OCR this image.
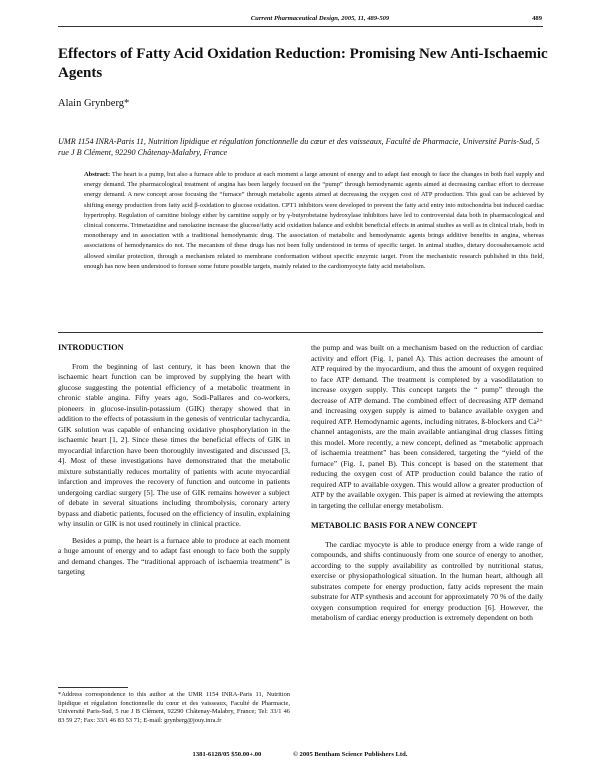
Current Pharmaceutical Design, 2005, 11, 489-509	489
Effectors of Fatty Acid Oxidation Reduction: Promising New Anti-Ischaemic Agents
Alain Grynberg*
UMR 1154 INRA-Paris 11, Nutrition lipidique et régulation fonctionnelle du cœur et des vaisseaux, Faculté de Pharmacie, Université Paris-Sud, 5 rue J B Clément, 92290 Châtenay-Malabry, France
Abstract: The heart is a pump, but also a furnace able to produce at each moment a large amount of energy and to adapt fast enough to face the changes in both fuel supply and energy demand. The pharmacological treatment of angina has been largely focused on the “pump” through hemodynamic agents aimed at decreasing cardiac effort to decrease energy demand. A new concept arose focusing the “furnace” through metabolic agents aimed at decreasing the oxygen cost of ATP production. This goal can be achieved by shifting energy production from fatty acid β-oxidation to glucose oxidation. CPT1 inhibitors were developed to prevent the fatty acid entry into mitochondria but induced cardiac hypertrophy. Regulation of carnitine biology either by carnitine supply or by γ-butyrobetaine hydroxylase inhibitors have led to controversial data both in pharmacological and clinical concerns. Trimetazidine and ranolazine increase the glucose/fatty acid oxidation balance and exhibit beneficial effects in animal studies as well as in clinical trials, both in monotherapy and in association with a traditional hemodynamic drug. The association of metabolic and hemodynamic agents brings additive benefits in angina, whereas associations of hemodynamics do not. The mecanism of these drugs has not been fully understood in terms of specific target. In animal studies, dietary docosahexaenoic acid allowed similar protection, through a mechanism related to membrane conformation without specific enzymic target. From the mechanistic research published in this field, enough has now been understood to foresee some future possible targets, mainly related to the cardiomyocyte fatty acid metabolism.
INTRODUCTION

From the beginning of last century, it has been known that the ischaemic heart function can be improved by supplying the heart with glucose suggesting the potential efficiency of a metabolic treatment in chronic stable angina. Fifty years ago, Sodi-Pallares and co-workers, pioneers in glucose-insulin-potassium (GIK) therapy showed that in addition to the effects of potassium in the genesis of ventricular tachycardia, GIK solution was capable of enhancing oxidative phosphorylation in the ischaemic heart [1, 2]. Since these times the beneficial effects of GIK in myocardial infarction have been thoroughly investigated and discussed [3, 4]. Most of these investigations have demonstrated that the metabolic mixture substantially reduces mortality of patients with acute myocardial infarction and improves the recovery of function and outcome in patients undergoing cardiac surgery [5]. The use of GIK remains however a subject of debate in several situations including thrombolysis, coronary artery bypass and diabetic patients, focused on the efficiency of insulin, explaining why insulin or GIK is not used routinely in clinical practice.

Besides a pump, the heart is a furnace able to produce at each moment a huge amount of energy and to adapt fast enough to face both the supply and demand changes. The “traditional approach of ischaemia treatment” is targeting

the pump and was built on a mechanism based on the reduction of cardiac activity and effort (Fig. 1, panel A). This action decreases the amount of ATP required by the myocardium, and thus the amount of oxygen required to face ATP demand. The treatment is completed by a vasodilatation to increase oxygen supply. This concept targets the “ pump” through the decrease of ATP demand. The combined effect of decreasing ATP demand and increasing oxygen supply is aimed to balance available oxygen and required ATP. Hemodynamic agents, including nitrates, ß-blockers and Ca²⁺ channel antagonists, are the main available antianginal drug classes fitting this model. More recently, a new concept, defined as “metabolic approach of ischaemia treatment” has been considered, targeting the “yield of the furnace” (Fig. 1, panel B). This concept is based on the statement that reducing the oxygen cost of ATP production could balance the ratio of required ATP to available oxygen. This would allow a greater production of ATP by the available oxygen. This paper is aimed at reviewing the attempts in targeting the cellular energy metabolism.

METABOLIC BASIS FOR A NEW CONCEPT

The cardiac myocyte is able to produce energy from a wide range of compounds, and shifts continuously from one source of energy to another, according to the supply availability as controlled by nutritional status, exercise or physiopathological situation. In the human heart, although all substrates compete for energy production, fatty acids represent the main substrate for ATP synthesis and account for approximately 70 % of the daily oxygen consumption required for energy production [6]. However, the metabolism of cardiac energy production is extremely dependent on both

*Address correspondence to this author at the UMR 1154 INRA-Paris 11, Nutrition lipidique et régulation fonctionnelle du cœur et des vaisseaux, Faculté de Pharmacie, Université Paris-Sud, 5 rue J B Clément, 92290 Châtenay-Malabry, France; Tel: 33/1 46 83 59 27; Fax: 33/1 46 83 53 71; E-mail: grynberg@jouy.inra.fr
1381-6128/05 $50.00+.00	© 2005 Bentham Science Publishers Ltd.
